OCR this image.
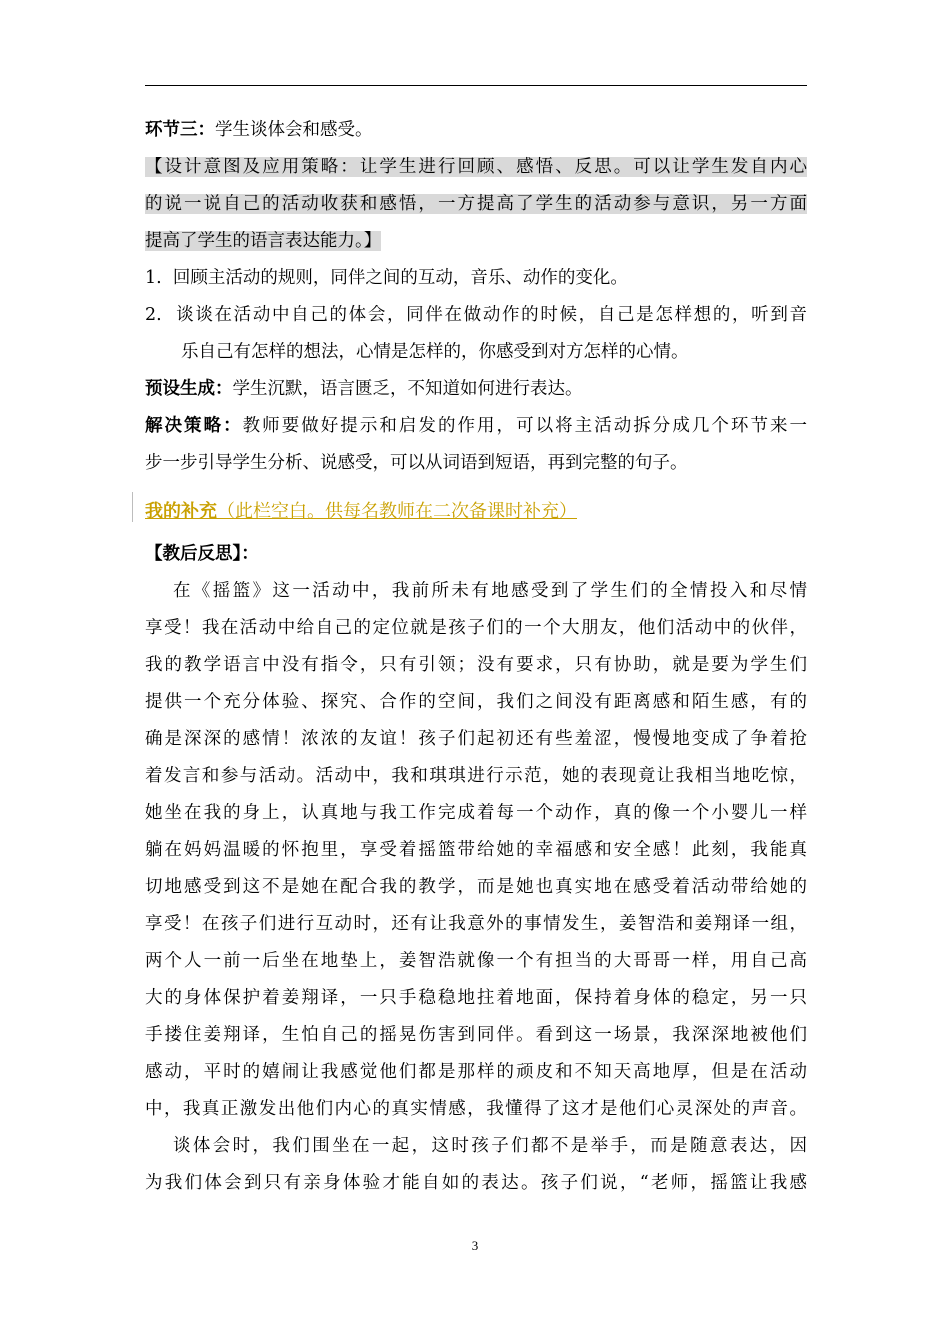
环节三：学生谈体会和感受。
【设计意图及应用策略：让学生进行回顾、感悟、反思。可以让学生发自内心
的说一说自己的活动收获和感悟，一方提高了学生的活动参与意识，另一方面
提高了学生的语言表达能力。】
1. 回顾主活动的规则，同伴之间的互动，音乐、动作的变化。
2. 谈谈在活动中自己的体会，同伴在做动作的时候，自己是怎样想的，听到音
乐自己有怎样的想法，心情是怎样的，你感受到对方怎样的心情。
预设生成：学生沉默，语言匮乏，不知道如何进行表达。
解决策略：教师要做好提示和启发的作用，可以将主活动拆分成几个环节来一
步一步引导学生分析、说感受，可以从词语到短语，再到完整的句子。
我的补充（此栏空白。供每名教师在二次备课时补充）
【教后反思】：
在《摇篮》这一活动中，我前所未有地感受到了学生们的全情投入和尽情
享受！我在活动中给自己的定位就是孩子们的一个大朋友，他们活动中的伙伴，
我的教学语言中没有指令，只有引领；没有要求，只有协助，就是要为学生们
提供一个充分体验、探究、合作的空间，我们之间没有距离感和陌生感，有的
确是深深的感情！浓浓的友谊！孩子们起初还有些羞涩，慢慢地变成了争着抢
着发言和参与活动。活动中，我和琪琪进行示范，她的表现竟让我相当地吃惊，
她坐在我的身上，认真地与我工作完成着每一个动作，真的像一个小婴儿一样
躺在妈妈温暖的怀抱里，享受着摇篮带给她的幸福感和安全感！此刻，我能真
切地感受到这不是她在配合我的教学，而是她也真实地在感受着活动带给她的
享受！在孩子们进行互动时，还有让我意外的事情发生，姜智浩和姜翔译一组，
两个人一前一后坐在地垫上，姜智浩就像一个有担当的大哥哥一样，用自己高
大的身体保护着姜翔译，一只手稳稳地拄着地面，保持着身体的稳定，另一只
手搂住姜翔译，生怕自己的摇晃伤害到同伴。看到这一场景，我深深地被他们
感动，平时的嬉闹让我感觉他们都是那样的顽皮和不知天高地厚，但是在活动
中，我真正激发出他们内心的真实情感，我懂得了这才是他们心灵深处的声音。
谈体会时，我们围坐在一起，这时孩子们都不是举手，而是随意表达，因
为我们体会到只有亲身体验才能自如的表达。孩子们说，“老师，摇篮让我感
3
